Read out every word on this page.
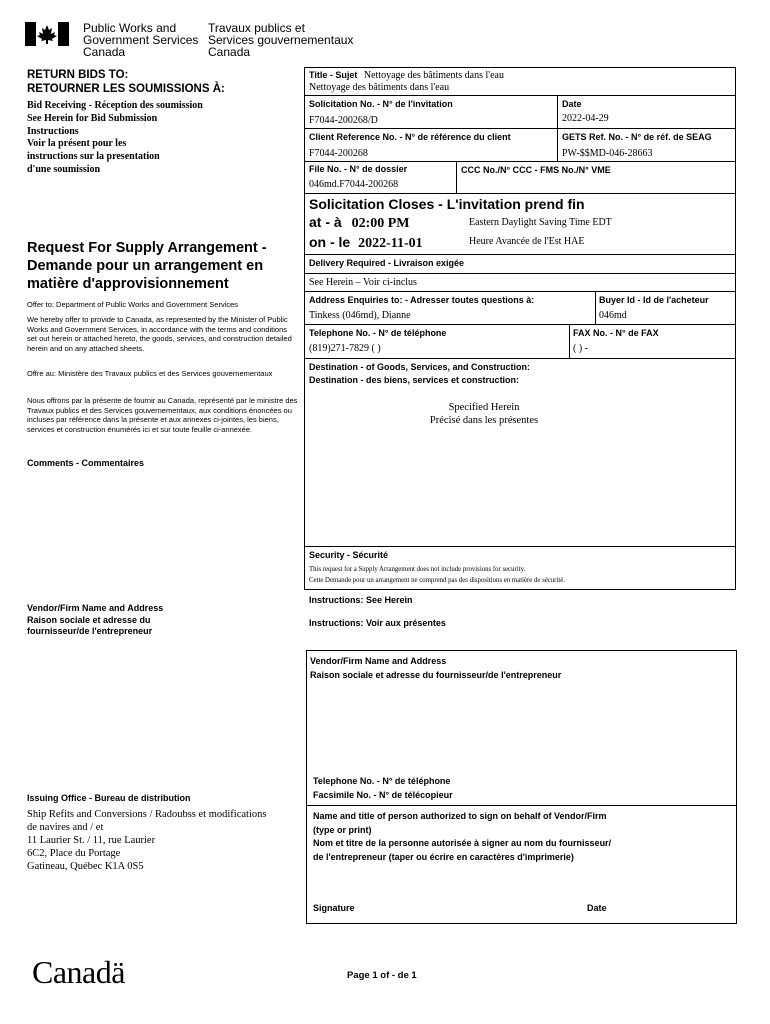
Public Works and
Government Services
Canada
Travaux publics et
Services gouvernementaux
Canada
RETURN BIDS TO:
RETOURNER LES SOUMISSIONS À:
Bid Receiving - Réception des soumission
See Herein for Bid Submission
Instructions
Voir la présent pour les
instructions sur la presentation
d'une soumission
Request For Supply Arrangement -
Demande pour un arrangement en
matière d'approvisionnement
Offer to: Department of Public Works and Government Services
We hereby offer to provide to Canada, as represented by the Minister of Public Works and Government Services, in accordance with the terms and conditions set out herein or attached hereto, the goods, services, and construction detailed herein and on any attached sheets.
Offre au: Ministère des Travaux publics et des Services gouvernementaux
Nous offrons par la présente de fournir au Canada, représenté par le ministre des Travaux publics et des Services gouvernementaux, aux conditions énoncées ou incluses par référence dans la présente et aux annexes ci-jointes, les biens, services et construction énumérés ici et sur toute feuille ci-annexée.
Comments - Commentaires
Vendor/Firm Name and Address
Raison sociale et adresse du
fournisseur/de l'entrepreneur
Issuing Office - Bureau de distribution
Ship Refits and Conversions / Radoubss et modifications
de navires and / et
11 Laurier St. / 11, rue Laurier
6C2, Place du Portage
Gatineau, Québec K1A 0S5
Title - Sujet Nettoyage des bâtiments dans l'eau
Nettoyage des bâtiments dans l'eau
Solicitation No. - N° de l'invitation
F7044-200268/D
Date
2022-04-29
Client Reference No. - N° de référence du client
F7044-200268
GETS Ref. No. - N° de réf. de SEAG
PW-$$MD-046-28663
File No. - N° de dossier
046md.F7044-200268
CCC No./N° CCC - FMS No./N° VME
Solicitation Closes - L'invitation prend fin
at - à 02:00 PM
on - le 2022-11-01
Eastern Daylight Saving Time EDT
Heure Avancée de l'Est HAE
Delivery Required - Livraison exigée
See Herein – Voir ci-inclus
Address Enquiries to: - Adresser toutes questions à:
Tinkess (046md), Dianne
Buyer Id - Id de l'acheteur
046md
Telephone No. - N° de téléphone
(819)271-7829 ( )
FAX No. - N° de FAX
( ) -
Destination - of Goods, Services, and Construction:
Destination - des biens, services et construction:
Specified Herein
Précisé dans les présentes
Security - Sécurité
This request for a Supply Arrangement does not include provisions for security.
Cette Demande pour un arrangement ne comprend pas des dispositions en matière de sécurité.
Instructions: See Herein
Instructions: Voir aux présentes
Vendor/Firm Name and Address
Raison sociale et adresse du fournisseur/de l'entrepreneur
Telephone No. - N° de téléphone
Facsimile No. - N° de télécopieur
Name and title of person authorized to sign on behalf of Vendor/Firm
(type or print)
Nom et titre de la personne autorisée à signer au nom du fournisseur/
de l'entrepreneur (taper ou écrire en caractères d'imprimerie)
Signature	Date
Canadä	Page 1 of - de 1
